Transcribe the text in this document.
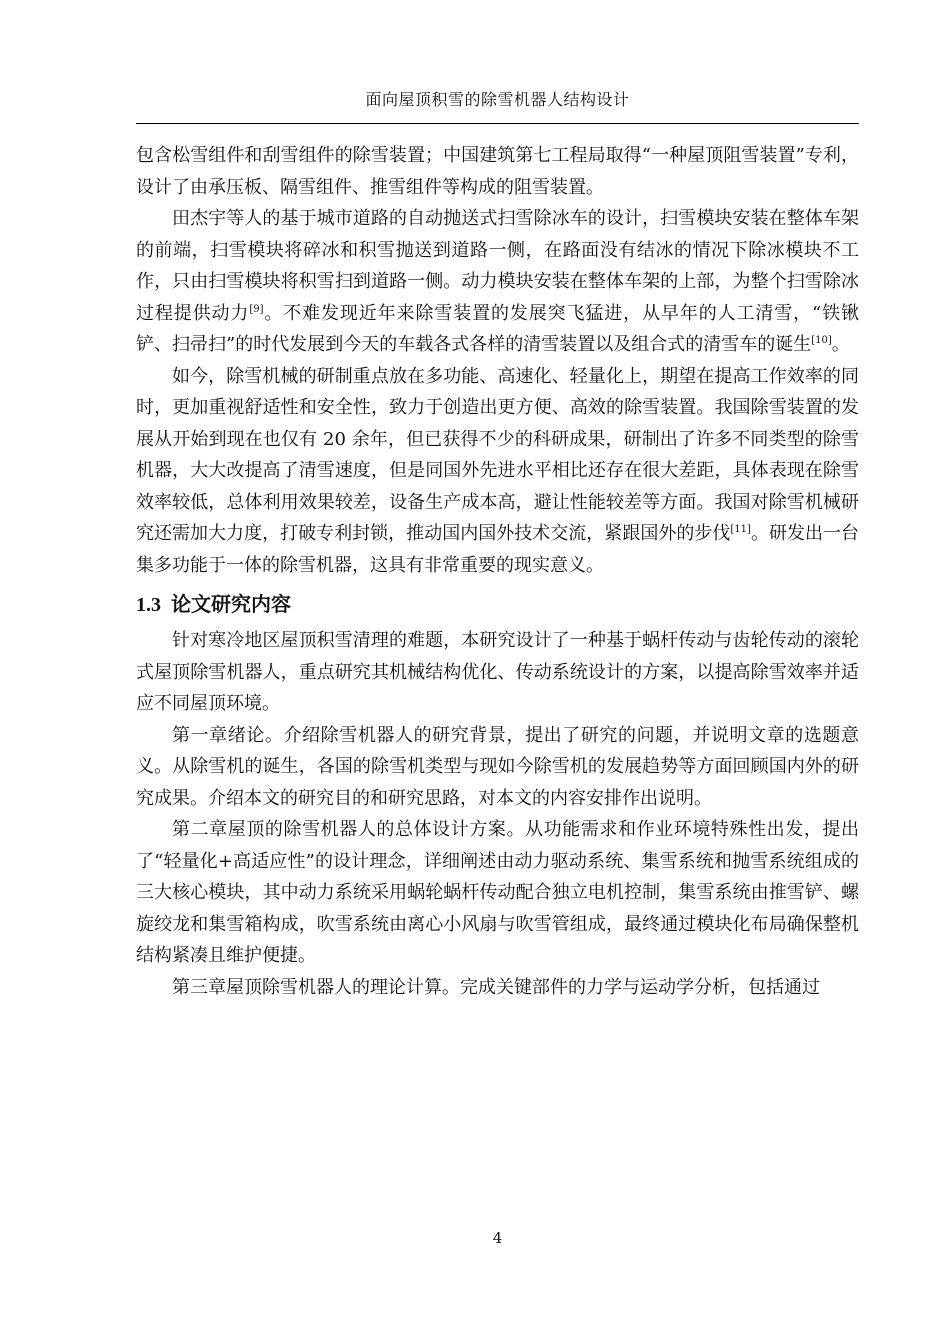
面向屋顶积雪的除雪机器人结构设计

包含松雪组件和刮雪组件的除雪装置；中国建筑第七工程局取得“一种屋顶阻雪装置”专利，设计了由承压板、隔雪组件、推雪组件等构成的阻雪装置。

田杰宇等人的基于城市道路的自动抛送式扫雪除冰车的设计，扫雪模块安装在整体车架的前端，扫雪模块将碎冰和积雪抛送到道路一侧，在路面没有结冰的情况下除冰模块不工作，只由扫雪模块将积雪扫到道路一侧。动力模块安装在整体车架的上部，为整个扫雪除冰过程提供动力[9]。不难发现近年来除雪装置的发展突飞猛进，从早年的人工清雪，“铁锹铲、扫帚扫”的时代发展到今天的车载各式各样的清雪装置以及组合式的清雪车的诞生[10]。

如今，除雪机械的研制重点放在多功能、高速化、轻量化上，期望在提高工作效率的同时，更加重视舒适性和安全性，致力于创造出更方便、高效的除雪装置。我国除雪装置的发展从开始到现在也仅有 20 余年，但已获得不少的科研成果，研制出了许多不同类型的除雪机器，大大改提高了清雪速度，但是同国外先进水平相比还存在很大差距，具体表现在除雪效率较低，总体利用效果较差，设备生产成本高，避让性能较差等方面。我国对除雪机械研究还需加大力度，打破专利封锁，推动国内国外技术交流，紧跟国外的步伐[11]。研发出一台集多功能于一体的除雪机器，这具有非常重要的现实意义。

1.3 论文研究内容

针对寒冷地区屋顶积雪清理的难题，本研究设计了一种基于蜗杆传动与齿轮传动的滚轮式屋顶除雪机器人，重点研究其机械结构优化、传动系统设计的方案，以提高除雪效率并适应不同屋顶环境。

第一章绪论。介绍除雪机器人的研究背景，提出了研究的问题，并说明文章的选题意义。从除雪机的诞生，各国的除雪机类型与现如今除雪机的发展趋势等方面回顾国内外的研究成果。介绍本文的研究目的和研究思路，对本文的内容安排作出说明。

第二章屋顶的除雪机器人的总体设计方案。从功能需求和作业环境特殊性出发，提出了“轻量化+高适应性”的设计理念，详细阐述由动力驱动系统、集雪系统和抛雪系统组成的三大核心模块，其中动力系统采用蜗轮蜗杆传动配合独立电机控制，集雪系统由推雪铲、螺旋绞龙和集雪箱构成，吹雪系统由离心小风扇与吹雪管组成，最终通过模块化布局确保整机结构紧凑且维护便捷。

第三章屋顶除雪机器人的理论计算。完成关键部件的力学与运动学分析，包括通过

4
